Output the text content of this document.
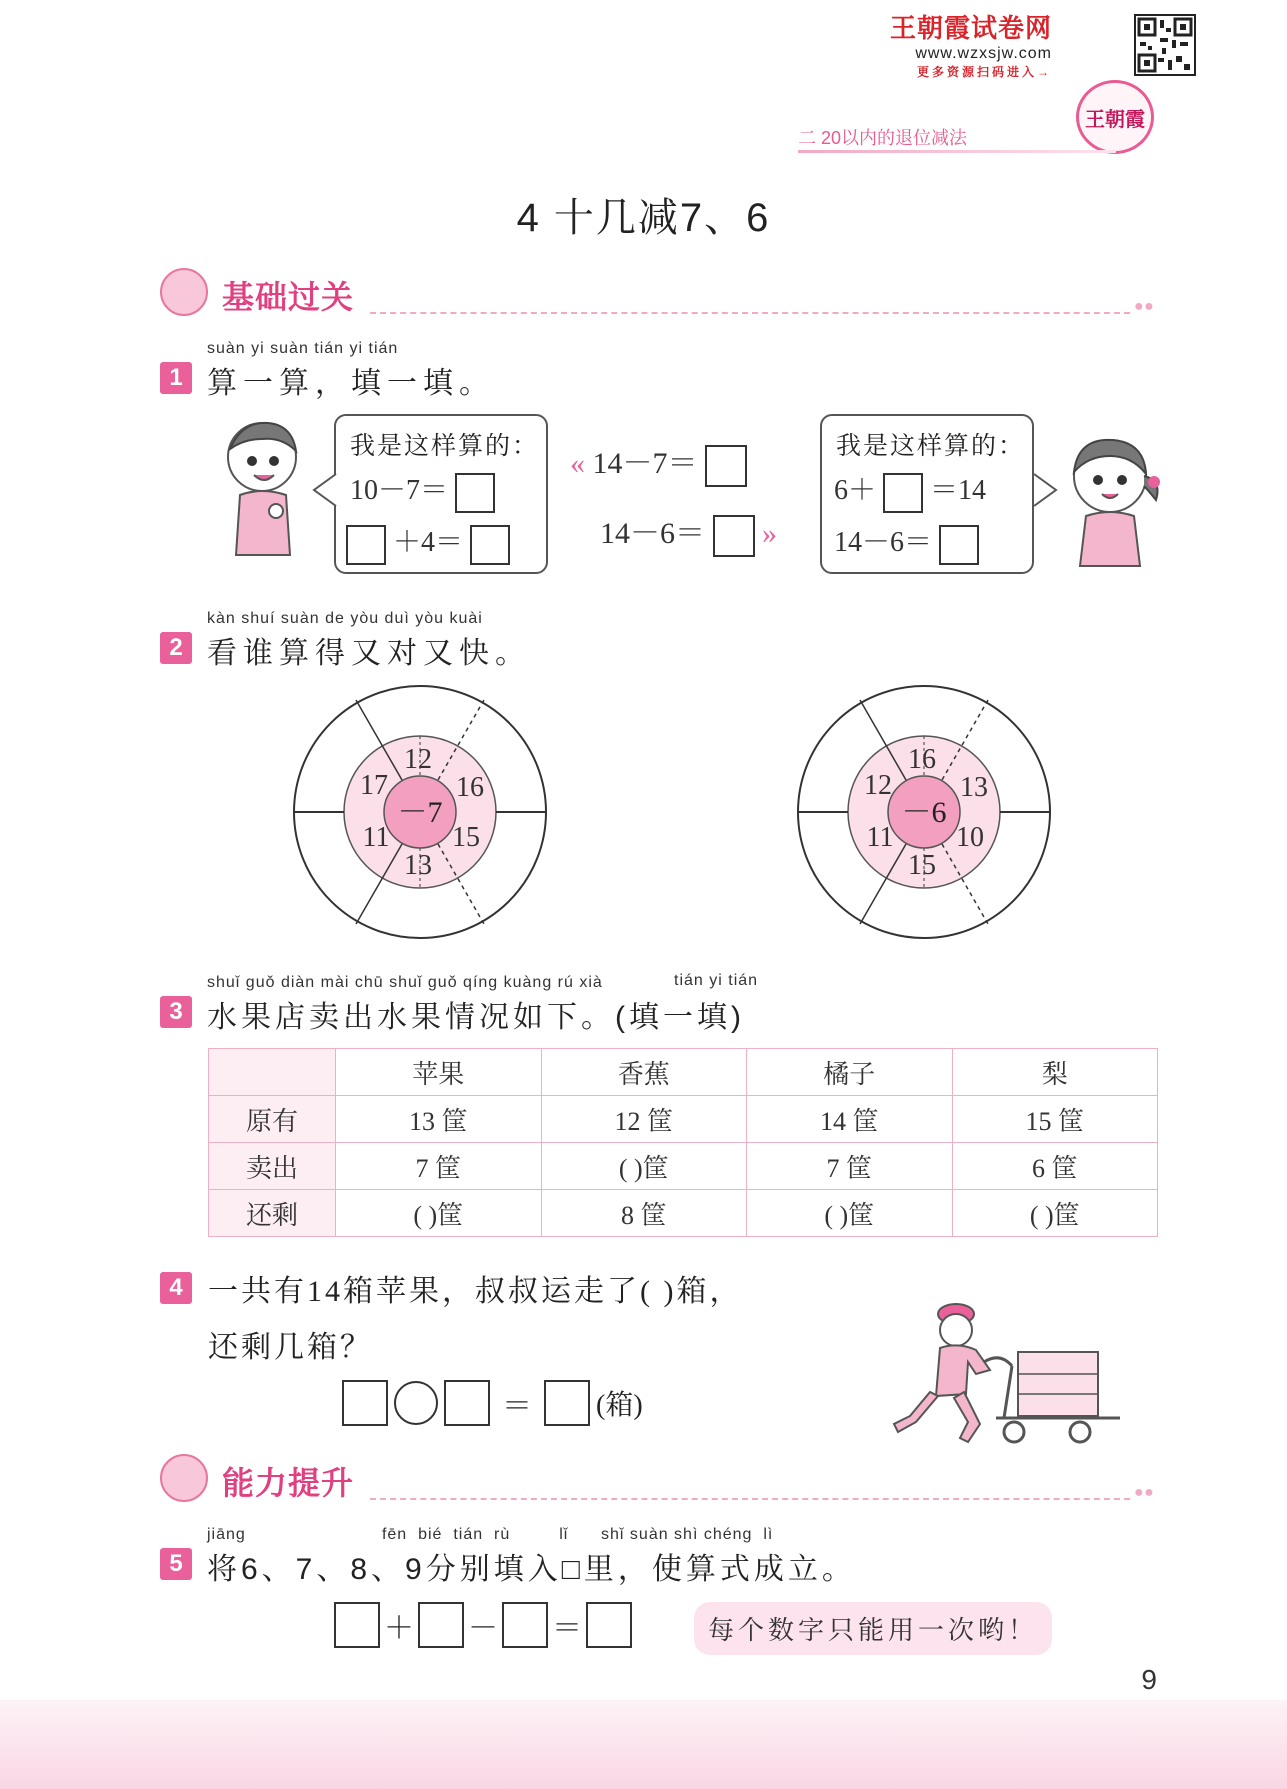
王朝霞试卷网
www.wzxsjw.com
更多资源扫码进入→
王朝霞
二 20以内的退位减法
4 十几减7、6
基础过关	● ●
suàn yi suàn tián yi tián
1 算一算，填一填。
我是这样算的：
10－7＝
＋4＝
« 14－7＝
14－6＝ »
我是这样算的：
6＋ ＝14
14－6＝
kàn shuí suàn de yòu duì yòu kuài
2 看谁算得又对又快。
－7
12
16
15
13
11
17
－6
16
13
10
15
11
12
shuǐ guǒ diàn mài chū shuǐ guǒ qíng kuàng rú xià	tián yi tián
3 水果店卖出水果情况如下。(填一填)
	苹果	香蕉	橘子	梨
原有	13 筐	12 筐	14 筐	15 筐
卖出	7 筐	( )筐	7 筐	6 筐
还剩	( )筐	8 筐	( )筐	( )筐
4 一共有14箱苹果，叔叔运走了( )箱，
还剩几箱？
＝ (箱)
能力提升	● ●
jiāng                         fēn  bié  tián  rù         lǐ      shǐ suàn shì chéng  lì
5 将6、7、8、9分别填入□里，使算式成立。
＋ － ＝	每个数字只能用一次哟！
9
